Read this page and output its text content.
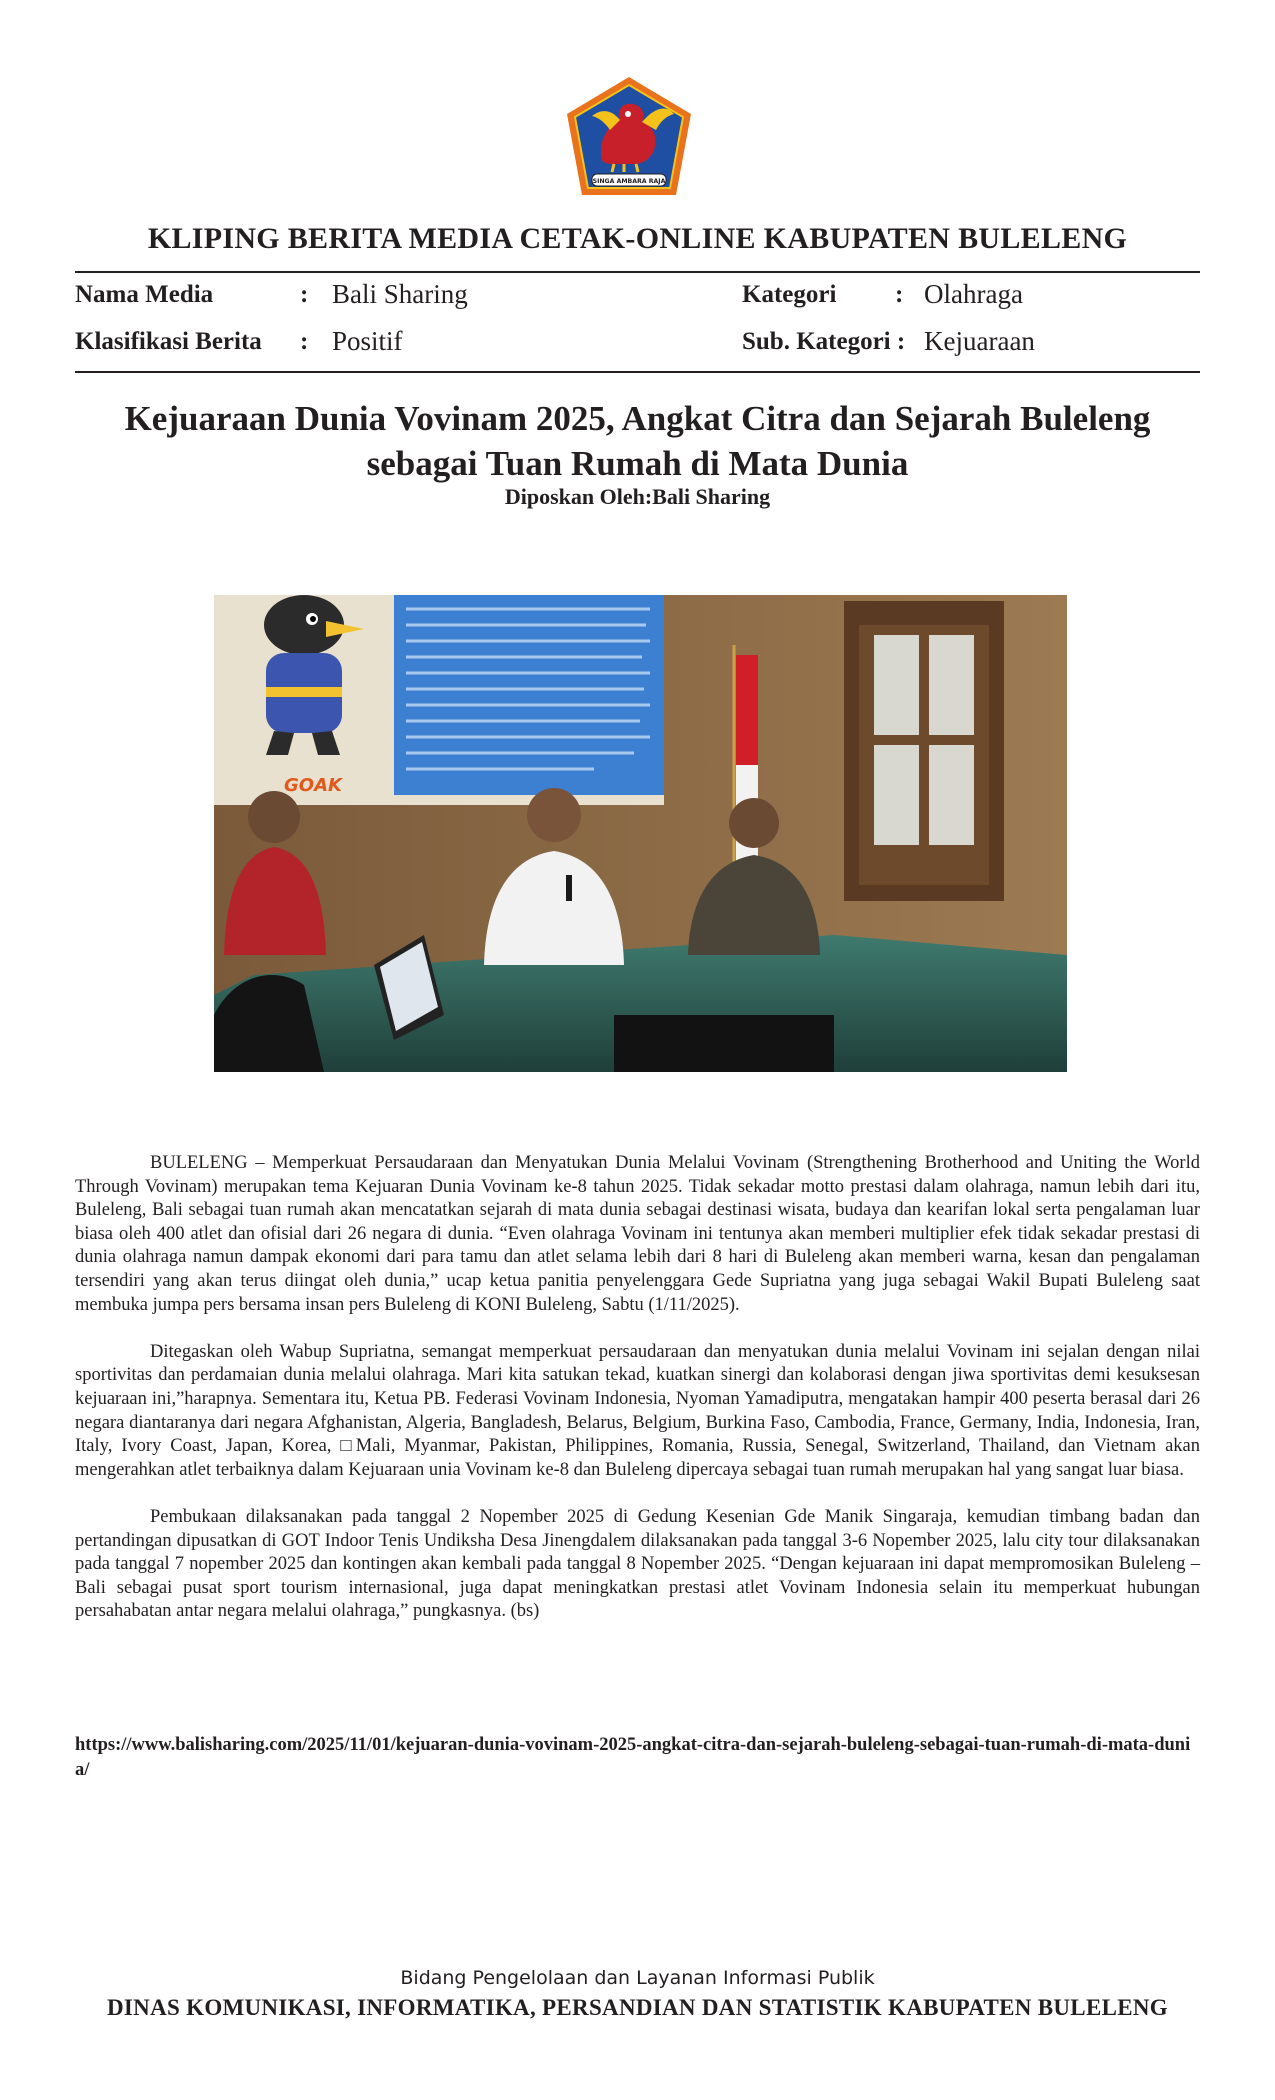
SINGA AMBARA RAJA
KLIPING BERITA MEDIA CETAK-ONLINE KABUPATEN BULELENG
Nama Media	: Bali Sharing
Klasifikasi Berita : Positif
Kategori : Olahraga
Sub. Kategori : Kejuaraan
Kejuaraan Dunia Vovinam 2025, Angkat Citra dan Sejarah Buleleng sebagai Tuan Rumah di Mata Dunia
Diposkan Oleh:Bali Sharing
GOAK

BULELENG – Memperkuat Persaudaraan dan Menyatukan Dunia Melalui Vovinam (Strengthening Brotherhood and Uniting the World Through Vovinam) merupakan tema Kejuaran Dunia Vovinam ke-8 tahun 2025. Tidak sekadar motto prestasi dalam olahraga, namun lebih dari itu, Buleleng, Bali sebagai tuan rumah akan mencatatkan sejarah di mata dunia sebagai destinasi wisata, budaya dan kearifan lokal serta pengalaman luar biasa oleh 400 atlet dan ofisial dari 26 negara di dunia. “Even olahraga Vovinam ini tentunya akan memberi multiplier efek tidak sekadar prestasi di dunia olahraga namun dampak ekonomi dari para tamu dan atlet selama lebih dari 8 hari di Buleleng akan memberi warna, kesan dan pengalaman tersendiri yang akan terus diingat oleh dunia,” ucap ketua panitia penyelenggara Gede Supriatna yang juga sebagai Wakil Bupati Buleleng saat membuka jumpa pers bersama insan pers Buleleng di KONI Buleleng, Sabtu (1/11/2025).

Ditegaskan oleh Wabup Supriatna, semangat memperkuat persaudaraan dan menyatukan dunia melalui Vovinam ini sejalan dengan nilai sportivitas dan perdamaian dunia melalui olahraga. Mari kita satukan tekad, kuatkan sinergi dan kolaborasi dengan jiwa sportivitas demi kesuksesan kejuaraan ini,”harapnya. Sementara itu, Ketua PB. Federasi Vovinam Indonesia, Nyoman Yamadiputra, mengatakan hampir 400 peserta berasal dari 26 negara diantaranya dari negara Afghanistan, Algeria, Bangladesh, Belarus, Belgium, Burkina Faso, Cambodia, France, Germany, India, Indonesia, Iran, Italy, Ivory Coast, Japan, Korea, □Mali, Myanmar, Pakistan, Philippines, Romania, Russia, Senegal, Switzerland, Thailand, dan Vietnam akan mengerahkan atlet terbaiknya dalam Kejuaraan unia Vovinam ke-8 dan Buleleng dipercaya sebagai tuan rumah merupakan hal yang sangat luar biasa.

Pembukaan dilaksanakan pada tanggal 2 Nopember 2025 di Gedung Kesenian Gde Manik Singaraja, kemudian timbang badan dan pertandingan dipusatkan di GOT Indoor Tenis Undiksha Desa Jinengdalem dilaksanakan pada tanggal 3-6 Nopember 2025, lalu city tour dilaksanakan pada tanggal 7 nopember 2025 dan kontingen akan kembali pada tanggal 8 Nopember 2025. “Dengan kejuaraan ini dapat mempromosikan Buleleng – Bali sebagai pusat sport tourism internasional, juga dapat meningkatkan prestasi atlet Vovinam Indonesia selain itu memperkuat hubungan persahabatan antar negara melalui olahraga,” pungkasnya. (bs)

https://www.balisharing.com/2025/11/01/kejuaran-dunia-vovinam-2025-angkat-citra-dan-sejarah-buleleng-sebagai-tuan-rumah-di-mata-dunia/
Bidang Pengelolaan dan Layanan Informasi Publik
DINAS KOMUNIKASI, INFORMATIKA, PERSANDIAN DAN STATISTIK KABUPATEN BULELENG
